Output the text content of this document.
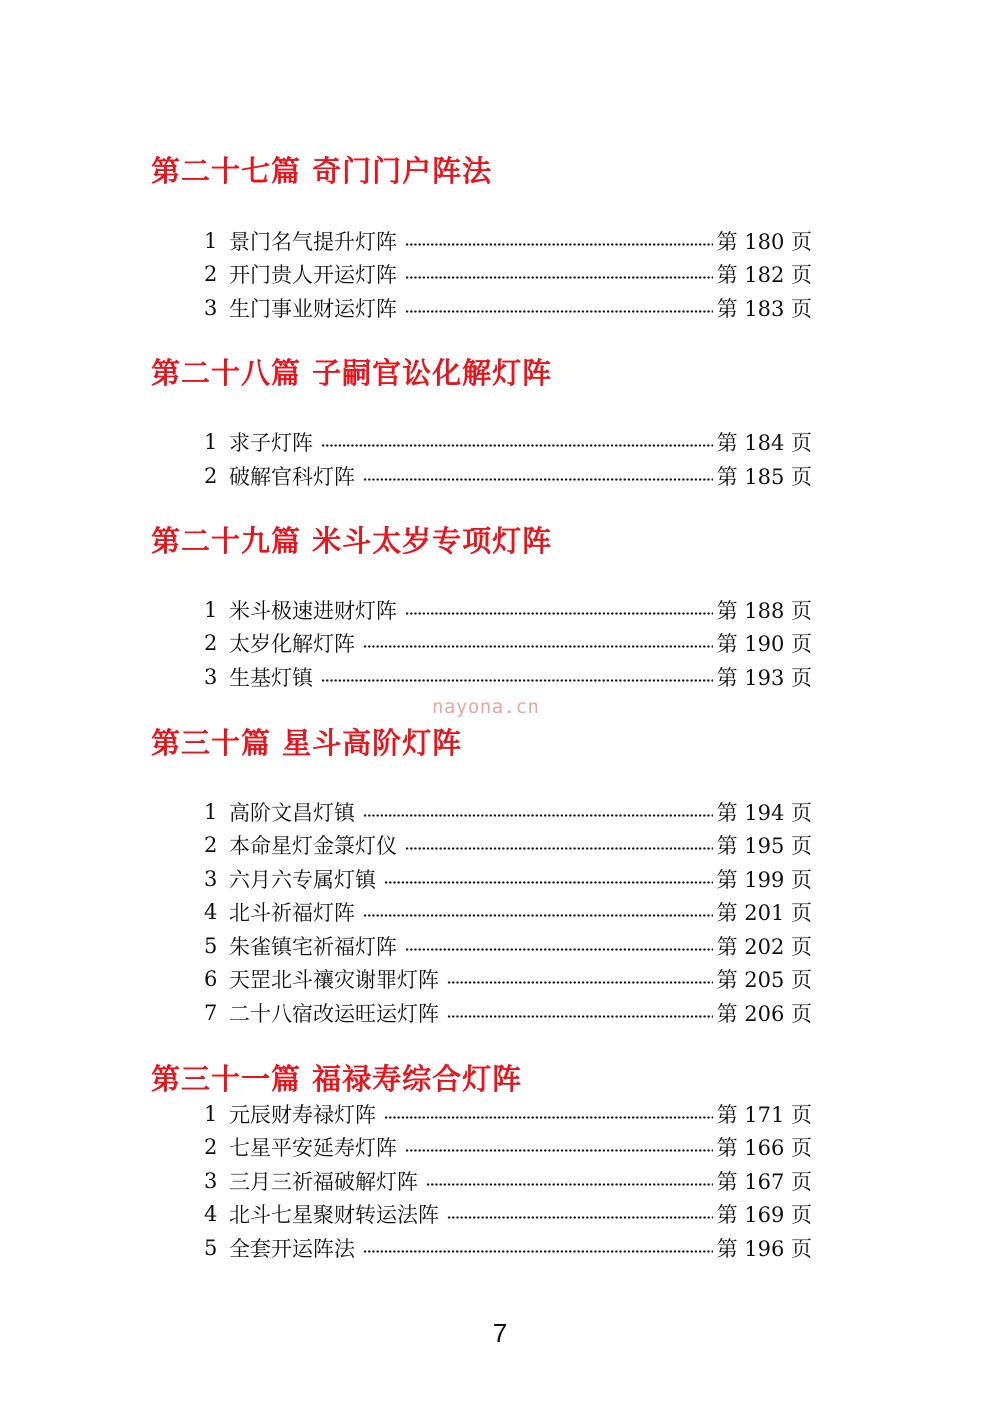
第二十七篇 奇门门户阵法
1 景门名气提升灯阵	第 180 页
2 开门贵人开运灯阵	第 182 页
3 生门事业财运灯阵	第 183 页
第二十八篇 子嗣官讼化解灯阵
1 求子灯阵	第 184 页
2 破解官科灯阵	第 185 页
第二十九篇 米斗太岁专项灯阵
1 米斗极速进财灯阵	第 188 页
2 太岁化解灯阵	第 190 页
3 生基灯镇	第 193 页
第三十篇 星斗高阶灯阵
1 高阶文昌灯镇	第 194 页
2 本命星灯金箓灯仪	第 195 页
3 六月六专属灯镇	第 199 页
4 北斗祈福灯阵	第 201 页
5 朱雀镇宅祈福灯阵	第 202 页
6 天罡北斗禳灾谢罪灯阵	第 205 页
7 二十八宿改运旺运灯阵	第 206 页
第三十一篇 福禄寿综合灯阵
1 元辰财寿禄灯阵	第 171 页
2 七星平安延寿灯阵	第 166 页
3 三月三祈福破解灯阵	第 167 页
4 北斗七星聚财转运法阵	第 169 页
5 全套开运阵法	第 196 页
nayona.cn
7
